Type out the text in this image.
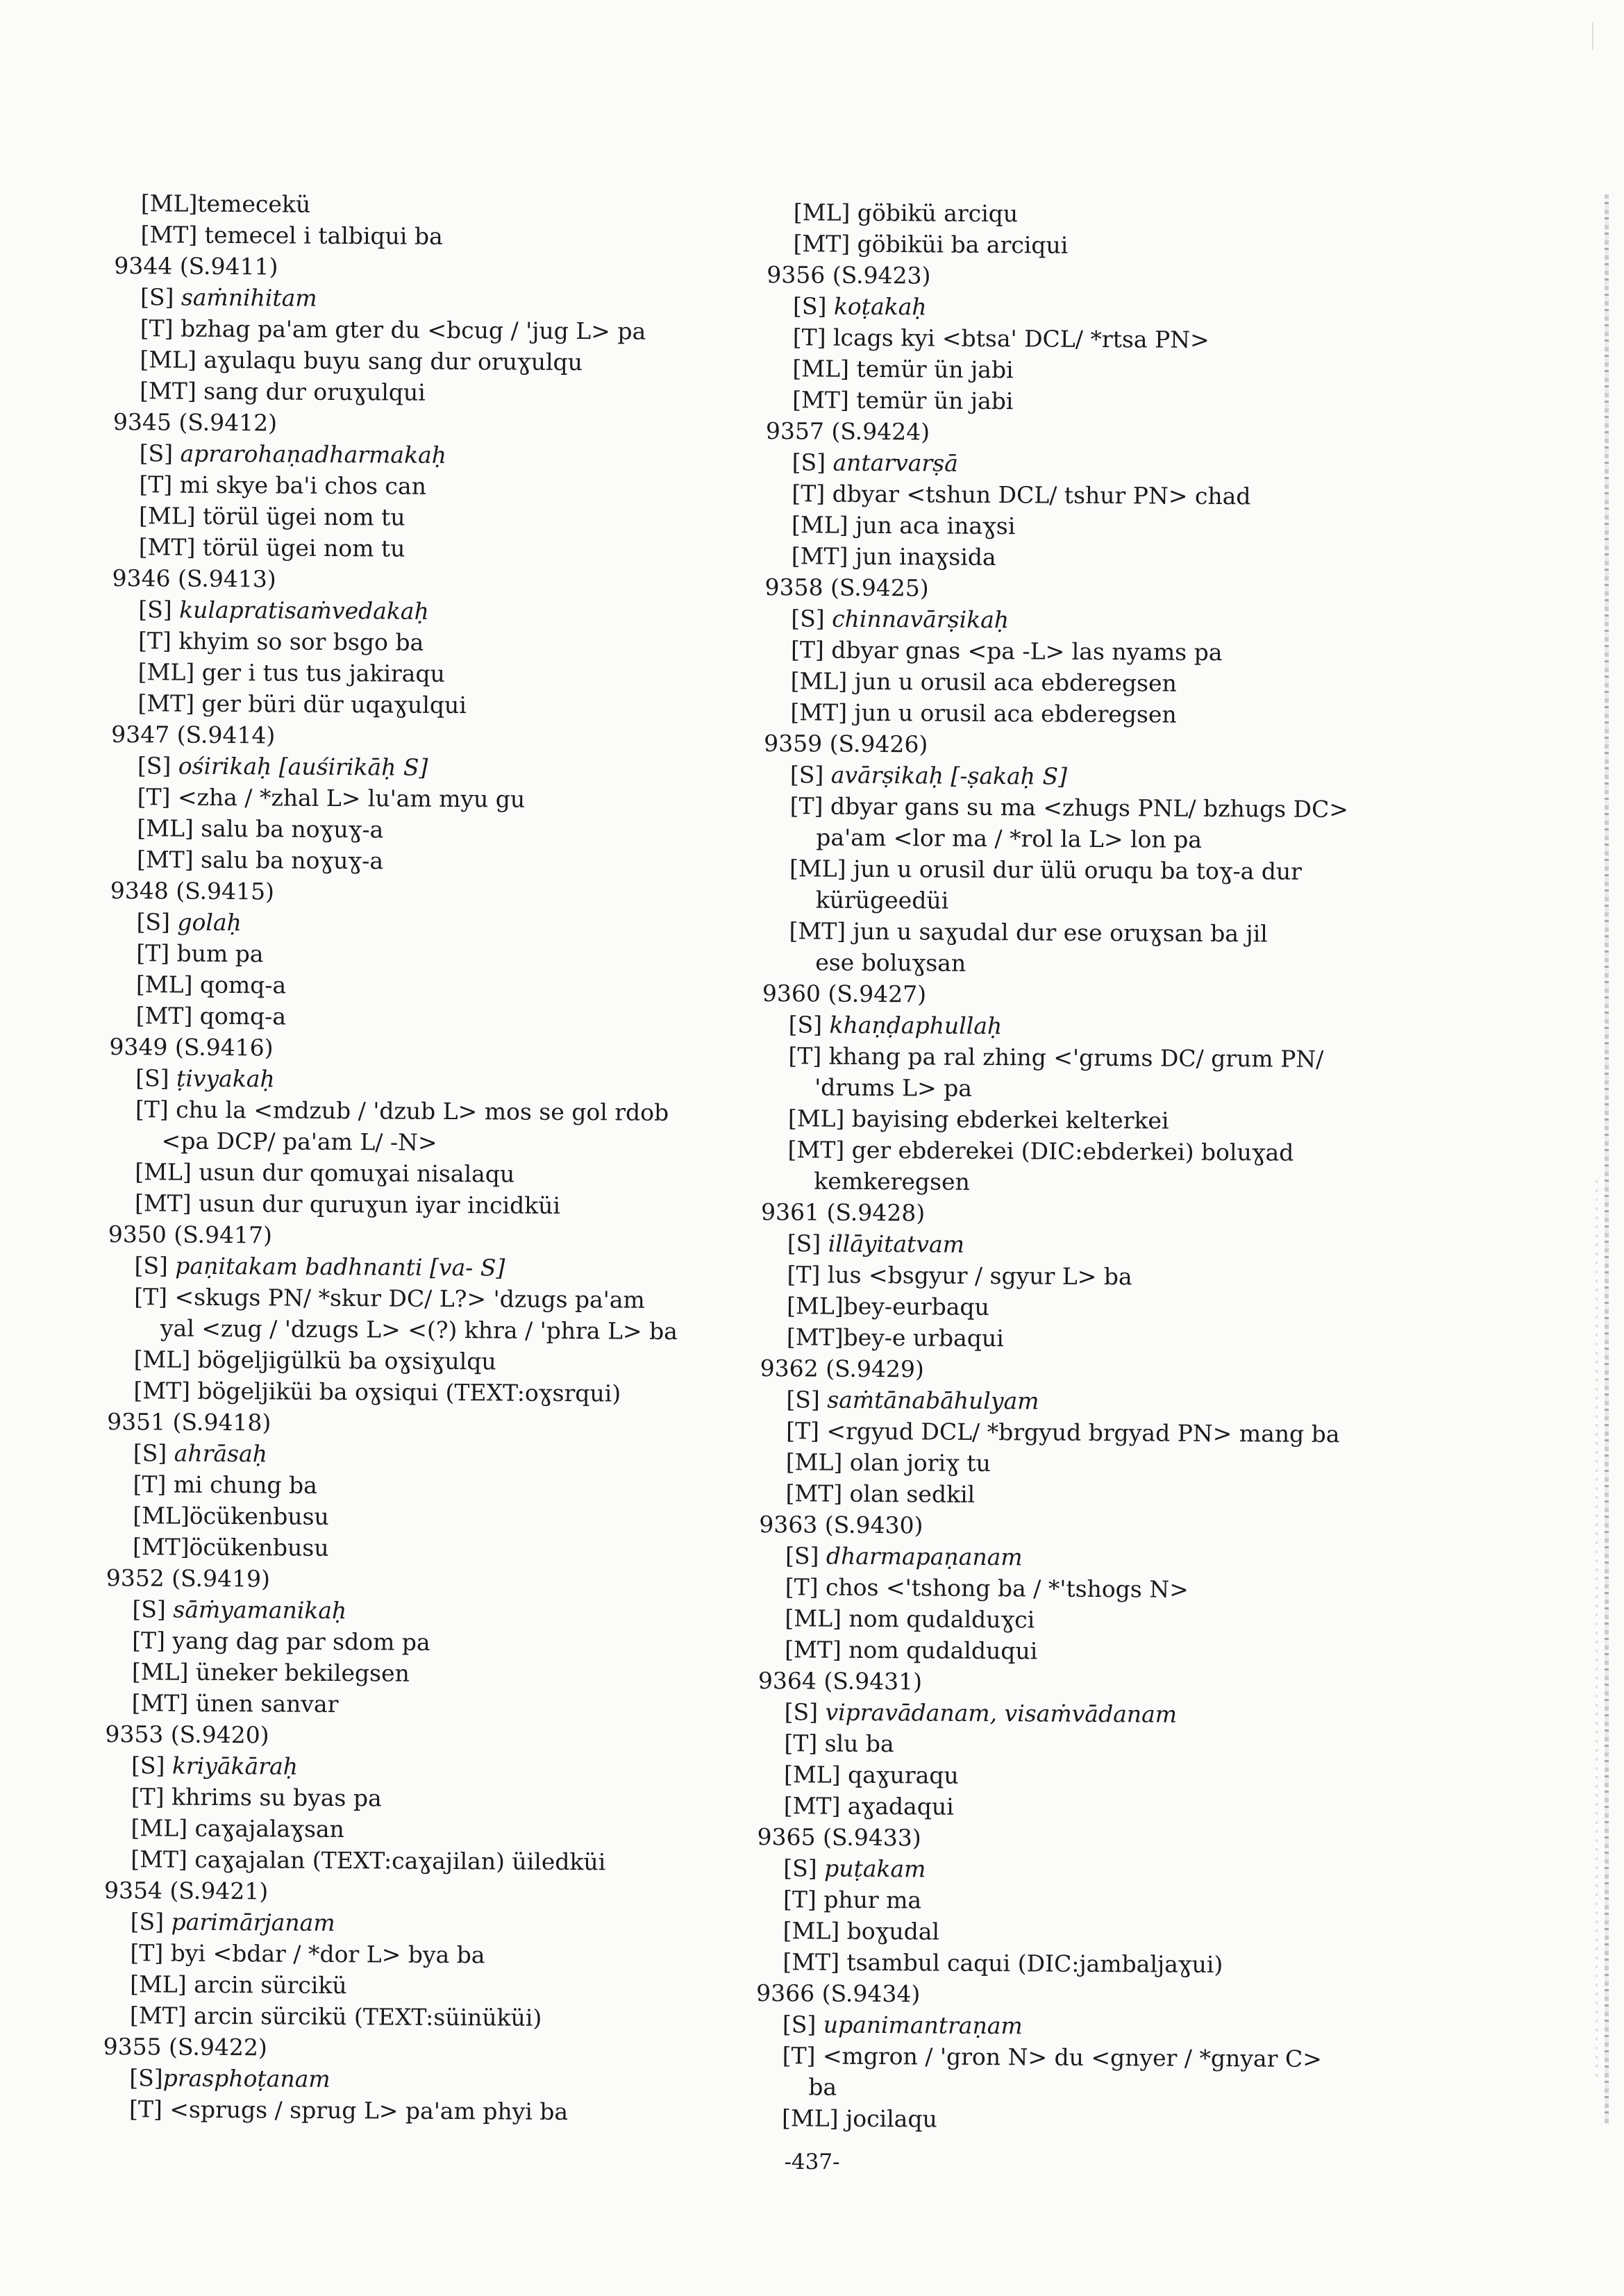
[ML]temecekü
[MT] temecel i talbiqui ba
9344 (S.9411)
[S] saṁnihitam
[T] bzhag pa'am gter du <bcug / 'jug L> pa
[ML] aɣulaqu buyu sang dur oruɣulqu
[MT] sang dur oruɣulqui
9345 (S.9412)
[S] aprarohaṇadharmakaḥ
[T] mi skye ba'i chos can
[ML] törül ügei nom tu
[MT] törül ügei nom tu
9346 (S.9413)
[S] kulapratisaṁvedakaḥ
[T] khyim so sor bsgo ba
[ML] ger i tus tus jakiraqu
[MT] ger büri dür uqaɣulqui
9347 (S.9414)
[S] ośirikaḥ [auśirikāḥ S]
[T] <zha / *zhal L> lu'am myu gu
[ML] salu ba noɣuɣ-a
[MT] salu ba noɣuɣ-a
9348 (S.9415)
[S] golaḥ
[T] bum pa
[ML] qomq-a
[MT] qomq-a
9349 (S.9416)
[S] ṭivyakaḥ
[T] chu la <mdzub / 'dzub L> mos se gol rdob
<pa DCP/ pa'am L/ -N>
[ML] usun dur qomuɣai nisalaqu
[MT] usun dur quruɣun iyar incidküi
9350 (S.9417)
[S] paṇitakam badhnanti [va- S]
[T] <skugs PN/ *skur DC/ L?> 'dzugs pa'am
yal <zug / 'dzugs L> <(?) khra / 'phra L> ba
[ML] bögeljigülkü ba oɣsiɣulqu
[MT] bögeljiküi ba oɣsiqui (TEXT:oɣsrqui)
9351 (S.9418)
[S] ahrāsaḥ
[T] mi chung ba
[ML]öcükenbusu
[MT]öcükenbusu
9352 (S.9419)
[S] sāṁyamanikaḥ
[T] yang dag par sdom pa
[ML] üneker bekilegsen
[MT] ünen sanvar
9353 (S.9420)
[S] kriyākāraḥ
[T] khrims su byas pa
[ML] caɣajalaɣsan
[MT] caɣajalan (TEXT:caɣajilan) üiledküi
9354 (S.9421)
[S] parimārjanam
[T] byi <bdar / *dor L> bya ba
[ML] arcin sürcikü
[MT] arcin sürcikü (TEXT:süinüküi)
9355 (S.9422)
[S]prasphoṭanam
[T] <sprugs / sprug L> pa'am phyi ba
[ML] göbikü arciqu
[MT] göbiküi ba arciqui
9356 (S.9423)
[S] koṭakaḥ
[T] lcags kyi <btsa' DCL/ *rtsa PN>
[ML] temür ün jabi
[MT] temür ün jabi
9357 (S.9424)
[S] antarvarṣā
[T] dbyar <tshun DCL/ tshur PN> chad
[ML] jun aca inaɣsi
[MT] jun inaɣsida
9358 (S.9425)
[S] chinnavārṣikaḥ
[T] dbyar gnas <pa -L> las nyams pa
[ML] jun u orusil aca ebderegsen
[MT] jun u orusil aca ebderegsen
9359 (S.9426)
[S] avārṣikaḥ [-ṣakaḥ S]
[T] dbyar gans su ma <zhugs PNL/ bzhugs DC>
pa'am <lor ma / *rol la L> lon pa
[ML] jun u orusil dur ülü oruqu ba toɣ-a dur
kürügeedüi
[MT] jun u saɣudal dur ese oruɣsan ba jil
ese boluɣsan
9360 (S.9427)
[S] khaṇḍaphullaḥ
[T] khang pa ral zhing <'grums DC/ grum PN/
'drums L> pa
[ML] bayising ebderkei kelterkei
[MT] ger ebderekei (DIC:ebderkei) boluɣad
kemkeregsen
9361 (S.9428)
[S] illāyitatvam
[T] lus <bsgyur / sgyur L> ba
[ML]bey-eurbaqu
[MT]bey-e urbaqui
9362 (S.9429)
[S] saṁtānabāhulyam
[T] <rgyud DCL/ *brgyud brgyad PN> mang ba
[ML] olan joriɣ tu
[MT] olan sedkil
9363 (S.9430)
[S] dharmapaṇanam
[T] chos <'tshong ba / *'tshogs N>
[ML] nom qudalduɣci
[MT] nom qudalduqui
9364 (S.9431)
[S] vipravādanam, visaṁvādanam
[T] slu ba
[ML] qaɣuraqu
[MT] aɣadaqui
9365 (S.9433)
[S] puṭakam
[T] phur ma
[ML] boɣudal
[MT] tsambul caqui (DIC:jambaljaɣui)
9366 (S.9434)
[S] upanimantraṇam
[T] <mgron / 'gron N> du <gnyer / *gnyar C>
ba
[ML] jocilaqu
-437-
